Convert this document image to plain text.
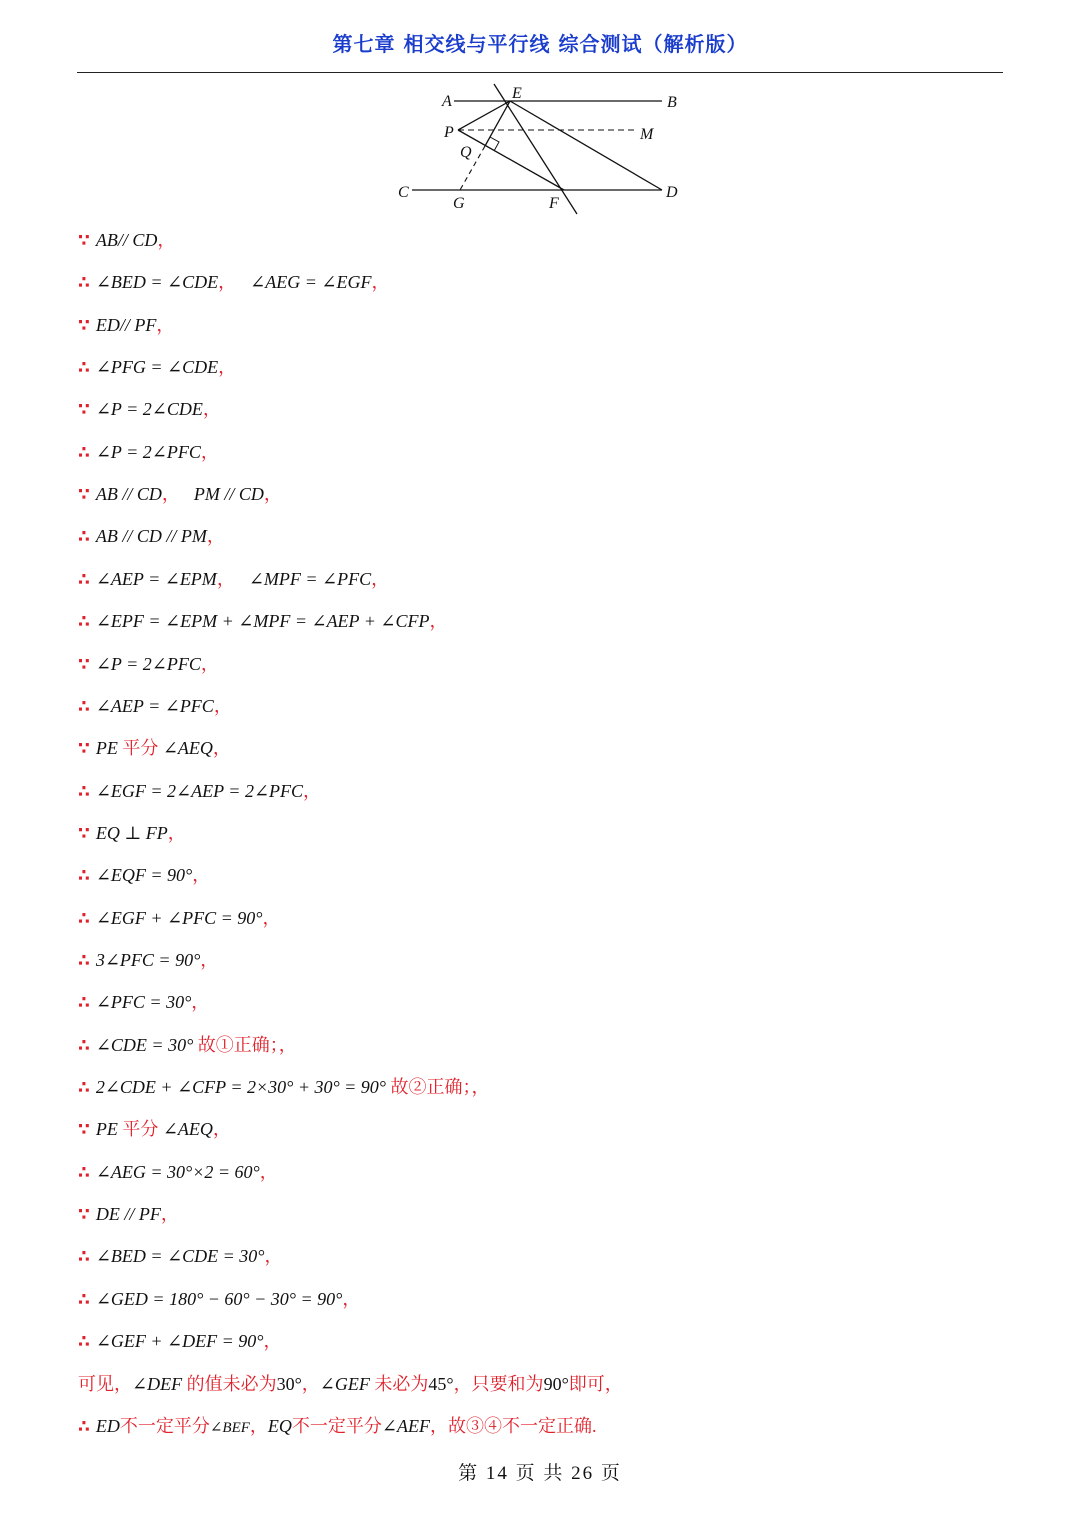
第七章 相交线与平行线 综合测试（解析版）
A	E
B
P	M
Q
C
G	F
D
∵ AB// CD，
∴ ∠BED = ∠CDE， ∠AEG = ∠EGF，
∵ ED// PF，
∴ ∠PFG = ∠CDE，
∵ ∠P = 2∠CDE，
∴ ∠P = 2∠PFC，
∵ AB // CD， PM // CD，
∴ AB // CD // PM，
∴ ∠AEP = ∠EPM， ∠MPF = ∠PFC，
∴ ∠EPF = ∠EPM + ∠MPF = ∠AEP + ∠CFP，
∵ ∠P = 2∠PFC，
∴ ∠AEP = ∠PFC，
∵ PE 平分 ∠AEQ，
∴ ∠EGF = 2∠AEP = 2∠PFC，
∵ EQ ⊥ FP，
∴ ∠EQF = 90°，
∴ ∠EGF + ∠PFC = 90°，
∴ 3∠PFC = 90°，
∴ ∠PFC = 30°，
∴ ∠CDE = 30° 故①正确；，
∴ 2∠CDE + ∠CFP = 2×30° + 30° = 90° 故②正确；，
∵ PE 平分 ∠AEQ，
∴ ∠AEG = 30°×2 = 60°，
∵ DE // PF，
∴ ∠BED = ∠CDE = 30°，
∴ ∠GED = 180° − 60° − 30° = 90°，
∴ ∠GEF + ∠DEF = 90°，
可见，∠DEF 的值未必为30°，∠GEF 未必为45°，只要和为90°即可，
∴ ED不一定平分∠BEF，EQ不一定平分∠AEF，故③④不一定正确.
第 14 页 共 26 页
